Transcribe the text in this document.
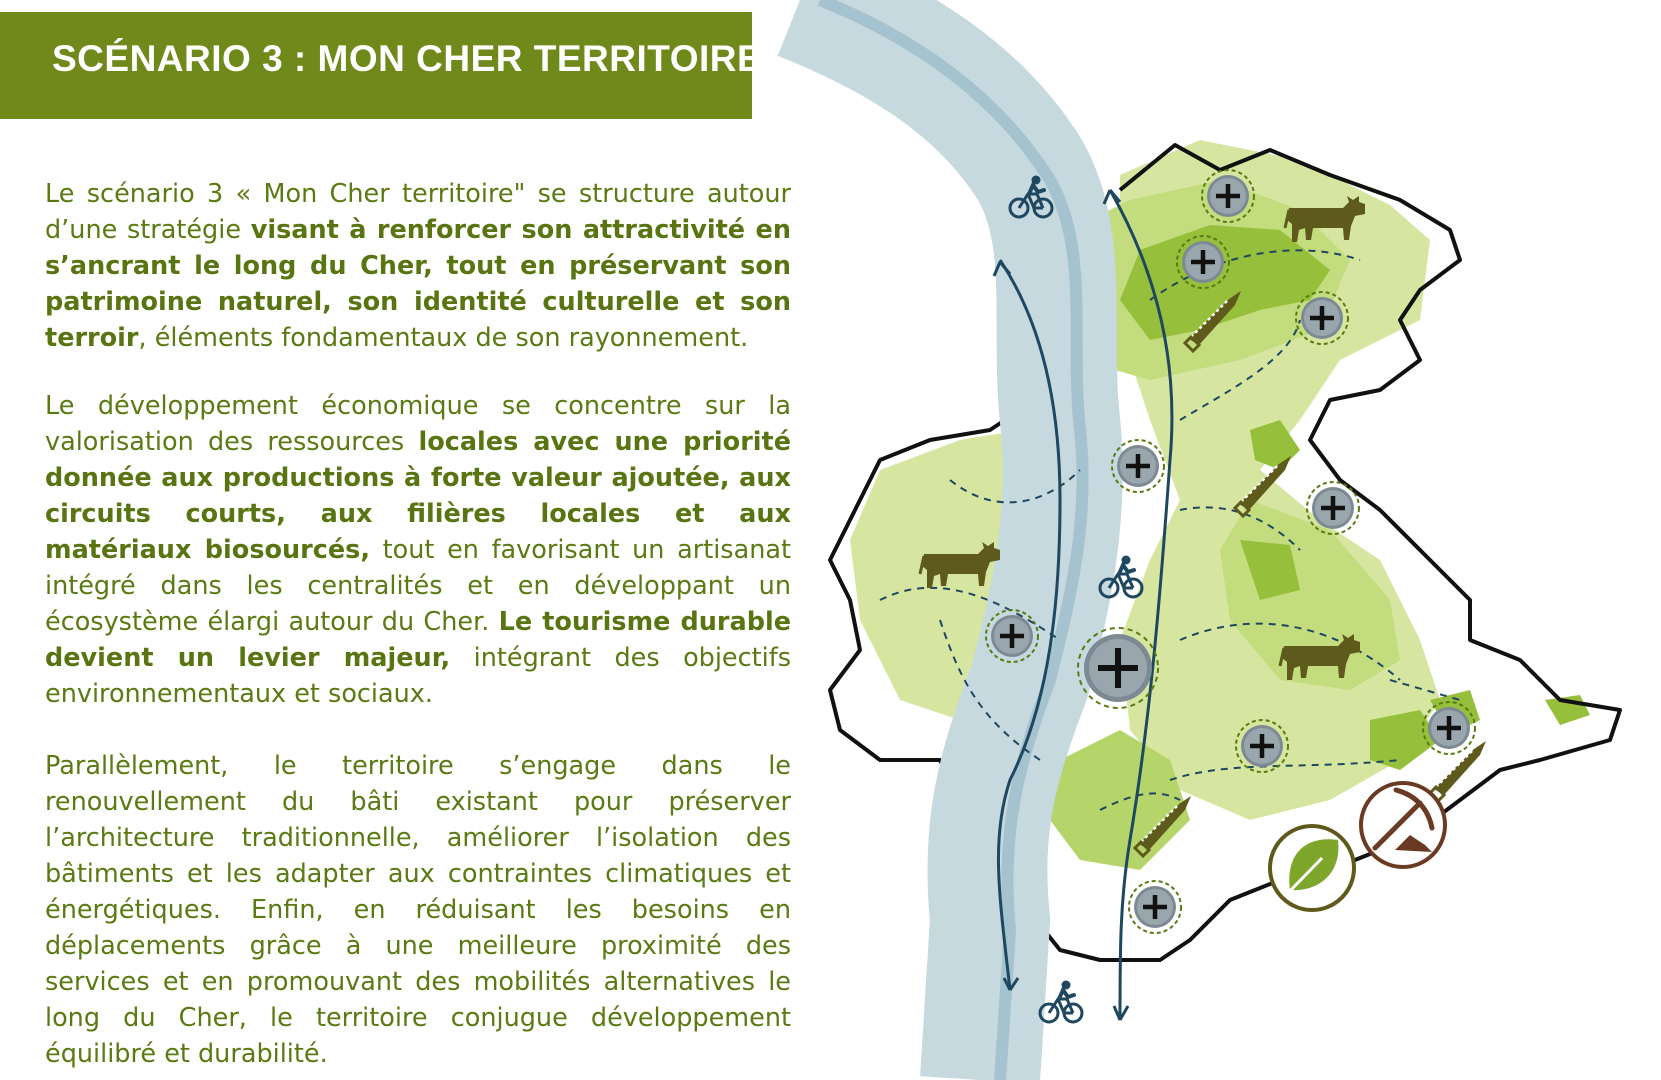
SCÉNARIO 3 : MON CHER TERRITOIRE
Le scénario 3 « Mon Cher territoire" se structure autour d’une stratégie visant à renforcer son attractivité en s’ancrant le long du Cher, tout en préservant son patrimoine naturel, son identité culturelle et son terroir, éléments fondamentaux de son rayonnement.
Le développement économique se concentre sur la valorisation des ressources locales avec une priorité donnée aux productions à forte valeur ajoutée, aux circuits courts, aux filières locales et aux matériaux biosourcés, tout en favorisant un artisanat intégré dans les centralités et en développant un écosystème élargi autour du Cher. Le tourisme durable devient un levier majeur, intégrant des objectifs environnementaux et sociaux.
Parallèlement, le territoire s’engage dans le renouvellement du bâti existant pour préserver l’architecture traditionnelle, améliorer l’isolation des bâtiments et les adapter aux contraintes climatiques et énergétiques. Enfin, en réduisant les besoins en déplacements grâce à une meilleure proximité des services et en promouvant des mobilités alternatives le long du Cher, le territoire conjugue développement équilibré et durabilité.
